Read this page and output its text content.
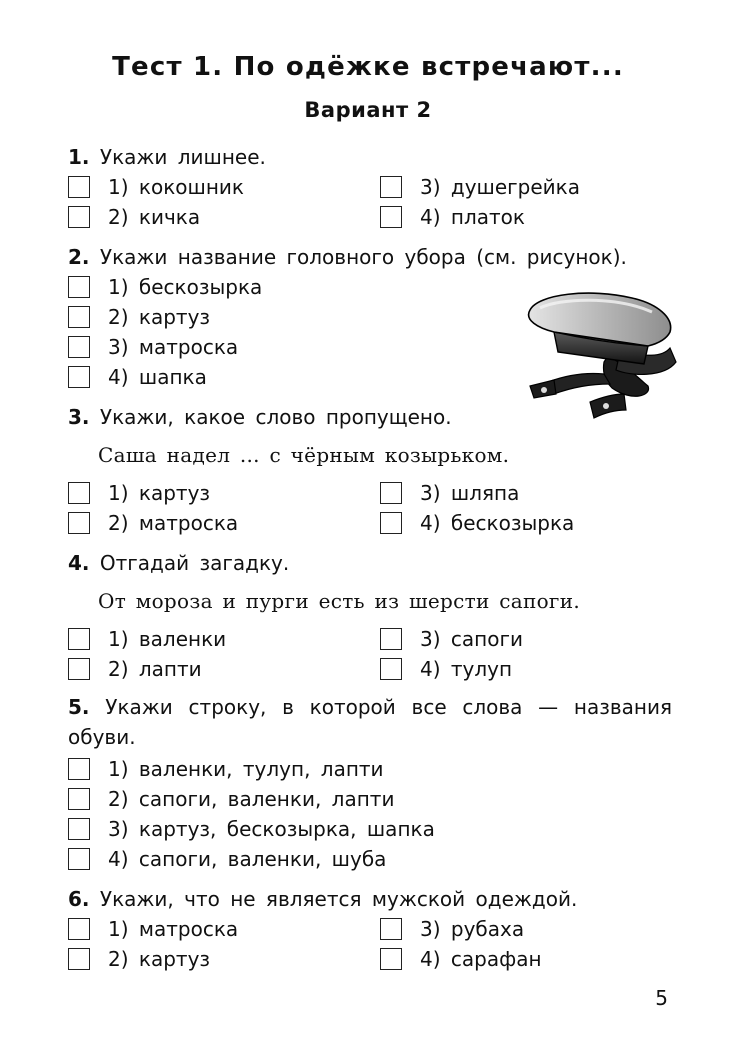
Тест 1. По одёжке встречают...
Вариант 2
1. Укажи лишнее.
1) кокошник
2) кичка
3) душегрейка
4) платок
2. Укажи название головного убора (см. рисунок).
1) бескозырка
2) картуз
3) матроска
4) шапка
3. Укажи, какое слово пропущено.
Саша надел ... с чёрным козырьком.
1) картуз
2) матроска
3) шляпа
4) бескозырка
4. Отгадай загадку.
От мороза и пурги есть из шерсти сапоги.
1) валенки
2) лапти
3) сапоги
4) тулуп
5. Укажи строку, в которой все слова — названия обуви.
1) валенки, тулуп, лапти
2) сапоги, валенки, лапти
3) картуз, бескозырка, шапка
4) сапоги, валенки, шуба
6. Укажи, что не является мужской одеждой.
1) матроска
2) картуз
3) рубаха
4) сарафан
5
